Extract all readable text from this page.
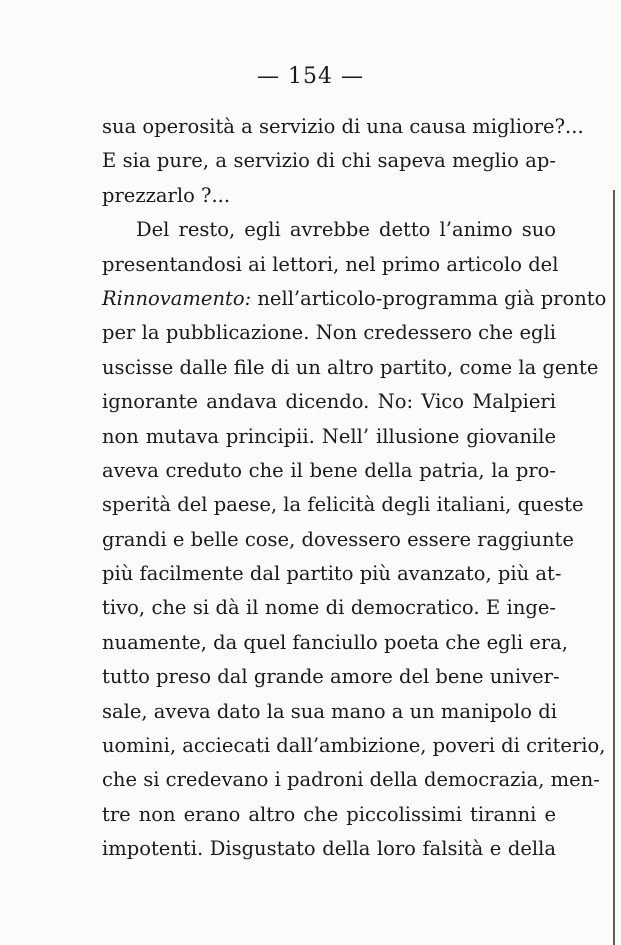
— 154 —
sua operosità a servizio di una causa migliore?...
E sia pure, a servizio di chi sapeva meglio ap-
prezzarlo ?...
Del resto, egli avrebbe detto l’animo suo
presentandosi ai lettori, nel primo articolo del
Rinnovamento: nell’articolo-programma già pronto
per la pubblicazione. Non credessero che egli
uscisse dalle file di un altro partito, come la gente
ignorante andava dicendo. No: Vico Malpieri
non mutava principii. Nell’ illusione giovanile
aveva creduto che il bene della patria, la pro-
sperità del paese, la felicità degli italiani, queste
grandi e belle cose, dovessero essere raggiunte
più facilmente dal partito più avanzato, più at-
tivo, che si dà il nome di democratico. E inge-
nuamente, da quel fanciullo poeta che egli era,
tutto preso dal grande amore del bene univer-
sale, aveva dato la sua mano a un manipolo di
uomini, acciecati dall’ambizione, poveri di criterio,
che si credevano i padroni della democrazia, men-
tre non erano altro che piccolissimi tiranni e
impotenti. Disgustato della loro falsità e della
